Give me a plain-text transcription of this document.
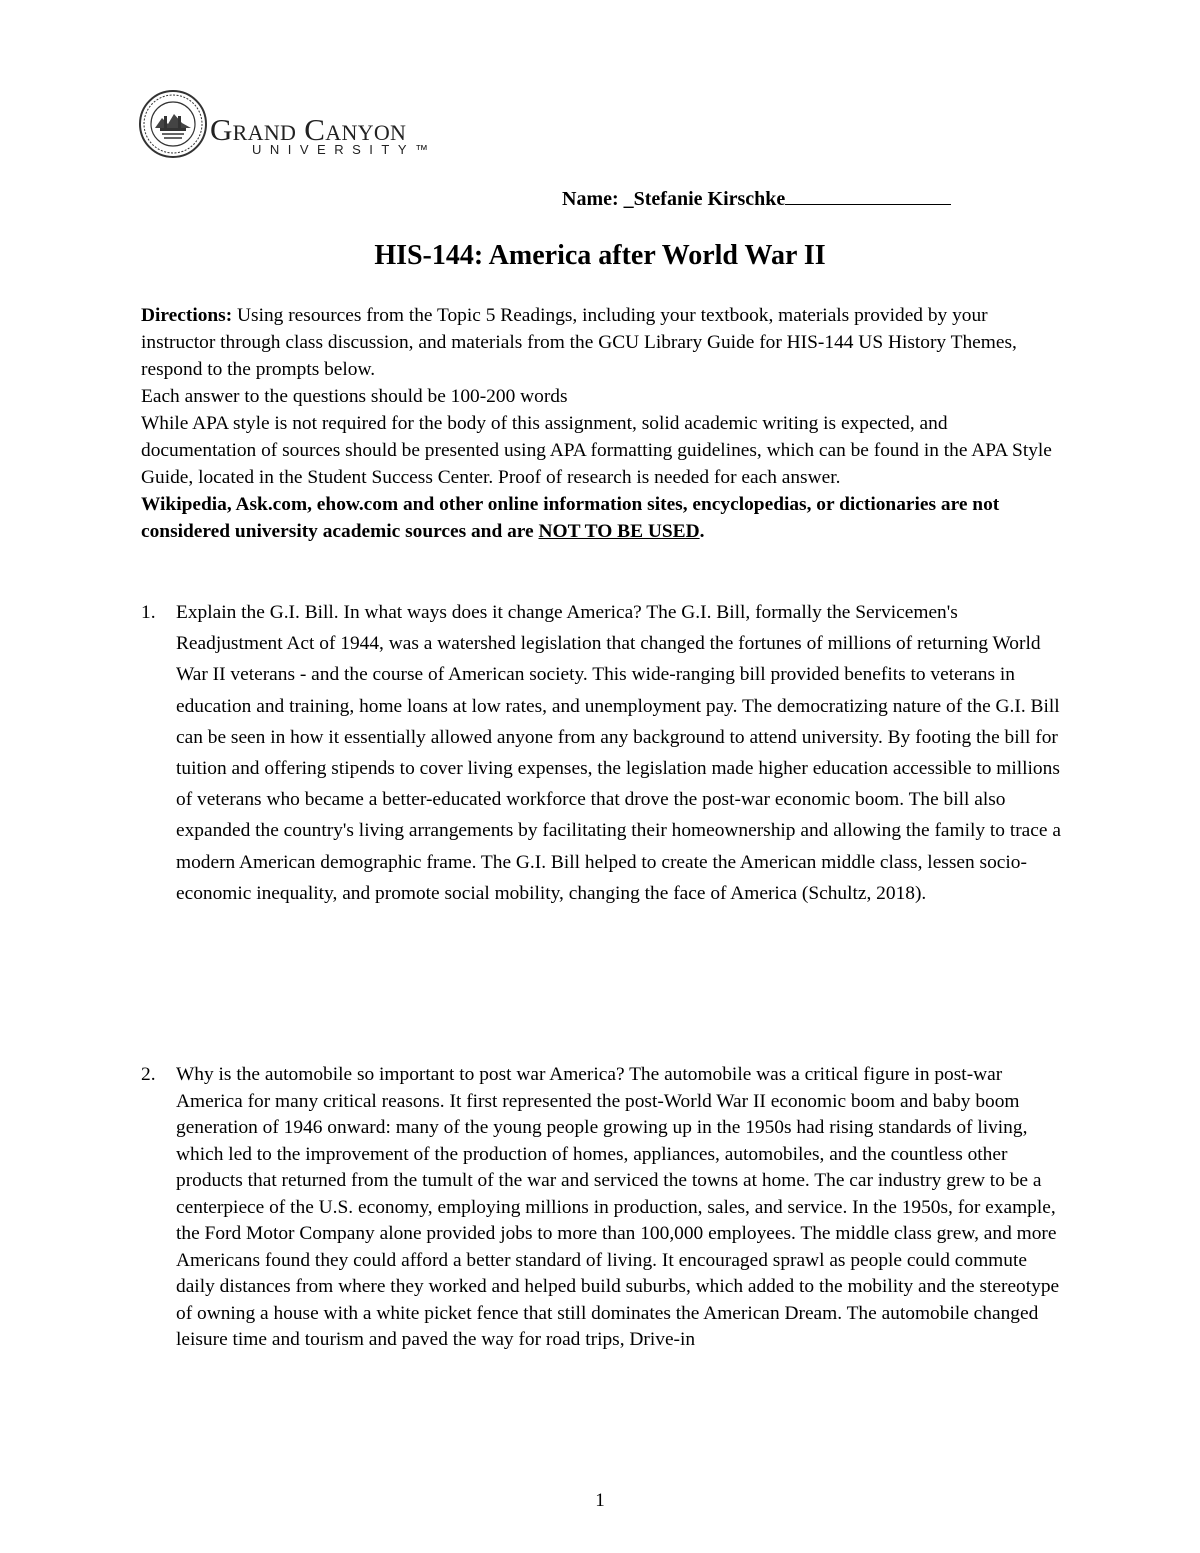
Grand Canyon
UNIVERSITY™
Name: _Stefanie Kirschke
HIS-144: America after World War II

Directions: Using resources from the Topic 5 Readings, including your textbook, materials provided by your instructor through class discussion, and materials from the GCU Library Guide for HIS-144 US History Themes, respond to the prompts below.

Each answer to the questions should be 100-200 words

While APA style is not required for the body of this assignment, solid academic writing is expected, and documentation of sources should be presented using APA formatting guidelines, which can be found in the APA Style Guide, located in the Student Success Center. Proof of research is needed for each answer.

Wikipedia, Ask.com, ehow.com and other online information sites, encyclopedias, or dictionaries are not considered university academic sources and are NOT TO BE USED.

1. Explain the G.I. Bill. In what ways does it change America? The G.I. Bill, formally the Servicemen's Readjustment Act of 1944, was a watershed legislation that changed the fortunes of millions of returning World War II veterans - and the course of American society. This wide-ranging bill provided benefits to veterans in education and training, home loans at low rates, and unemployment pay. The democratizing nature of the G.I. Bill can be seen in how it essentially allowed anyone from any background to attend university. By footing the bill for tuition and offering stipends to cover living expenses, the legislation made higher education accessible to millions of veterans who became a better-educated workforce that drove the post-war economic boom. The bill also expanded the country's living arrangements by facilitating their homeownership and allowing the family to trace a modern American demographic frame. The G.I. Bill helped to create the American middle class, lessen socio-economic inequality, and promote social mobility, changing the face of America (Schultz, 2018).
2. Why is the automobile so important to post war America? The automobile was a critical figure in post-war America for many critical reasons. It first represented the post-World War II economic boom and baby boom generation of 1946 onward: many of the young people growing up in the 1950s had rising standards of living, which led to the improvement of the production of homes, appliances, automobiles, and the countless other products that returned from the tumult of the war and serviced the towns at home. The car industry grew to be a centerpiece of the U.S. economy, employing millions in production, sales, and service. In the 1950s, for example, the Ford Motor Company alone provided jobs to more than 100,000 employees. The middle class grew, and more Americans found they could afford a better standard of living. It encouraged sprawl as people could commute daily distances from where they worked and helped build suburbs, which added to the mobility and the stereotype of owning a house with a white picket fence that still dominates the American Dream. The automobile changed leisure time and tourism and paved the way for road trips, Drive-in
1
